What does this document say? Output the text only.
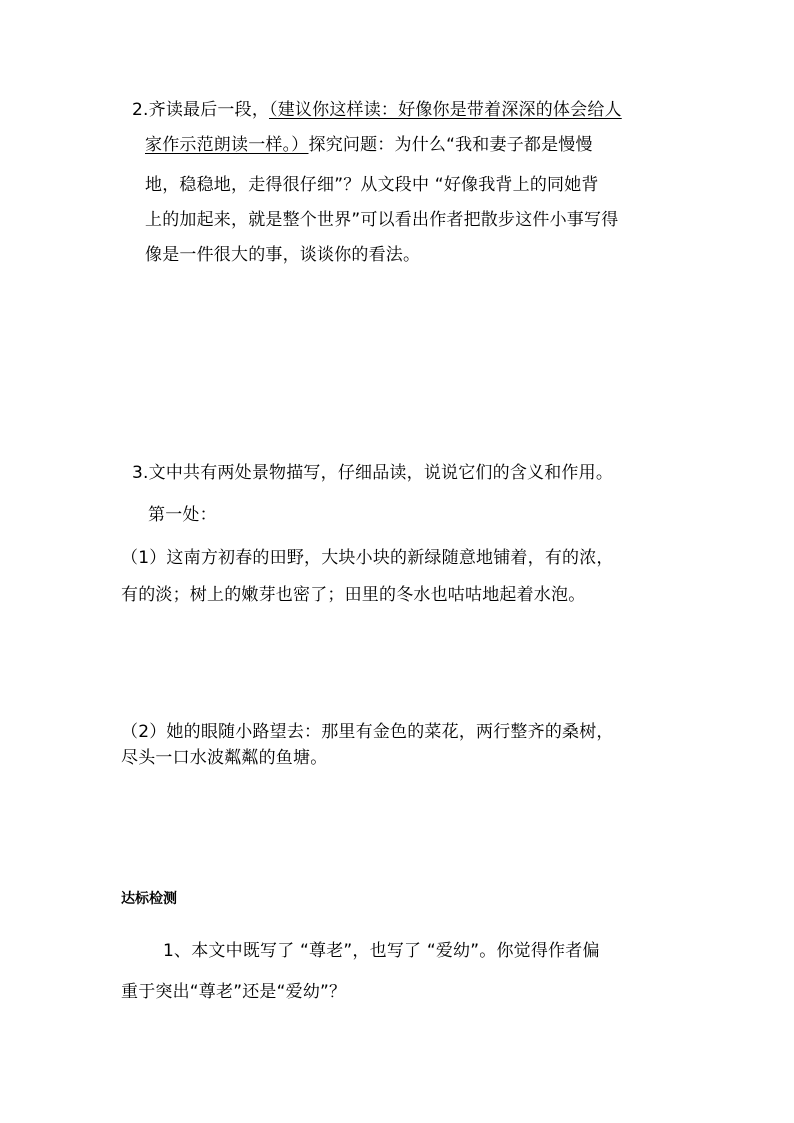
2.齐读最后一段，（建议你这样读：好像你是带着深深的体会给人
家作示范朗读一样。）探究问题：为什么“我和妻子都是慢慢
地，稳稳地，走得很仔细”？从文段中 “好像我背上的同她背
上的加起来，就是整个世界”可以看出作者把散步这件小事写得
像是一件很大的事，谈谈你的看法。
3.文中共有两处景物描写，仔细品读，说说它们的含义和作用。
第一处：
（1）这南方初春的田野，大块小块的新绿随意地铺着，有的浓，
有的淡；树上的嫩芽也密了；田里的冬水也咕咕地起着水泡。
（2）她的眼随小路望去：那里有金色的菜花，两行整齐的桑树，
尽头一口水波粼粼的鱼塘。
达标检测
1、本文中既写了 “尊老”，也写了 “爱幼”。你觉得作者偏
重于突出“尊老”还是“爱幼”？
